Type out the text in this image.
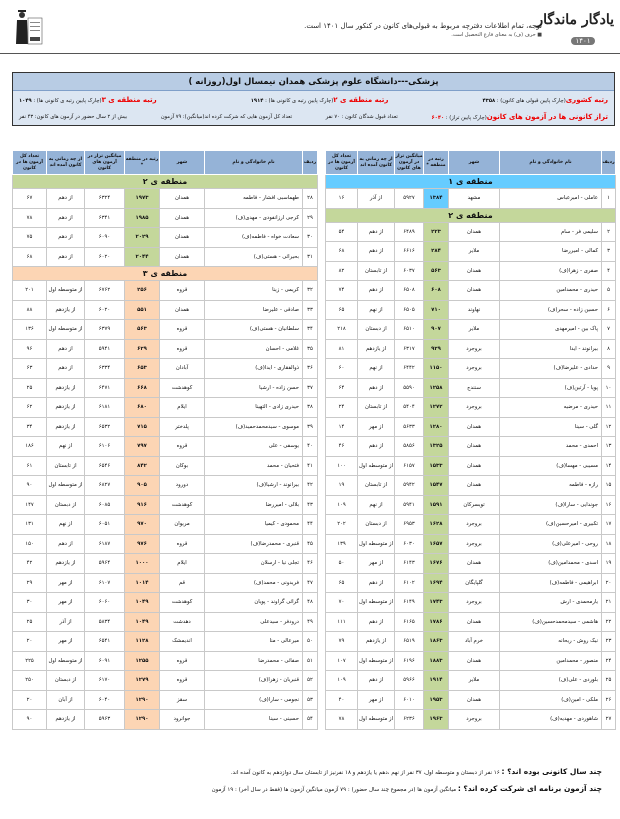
یادگار ماندگار
۱۴۰۱
توجه، تمام اطلاعات دفترچه مربوط به قبولی‌های کانون در کنکور سال ۱۴۰۱ است.
■ حرف (ف) به معنای فارغ التحصیل است.
پزشکی---دانشگاه علوم پزشکی همدان نیمسال اول(روزانه )
رتبه کشوری(چارک پایین قبولی های کانون) : ۴۳۵۸
رتبه منطقه ی ۲(چارک پایین رتبه ی کانونی ها) : ۱۹۱۴
رتبه منطقه ی ۳(چارک پایین رتبه ی کانونی ها) : ۱۰۴۹
تراز کانونی ها در آزمون های کانون(چارک پایین تراز) : ۶۰۴۰
تعداد قبول شدگان کانون : ۷۰ نفر
تعداد کل آزمون هایی که شرکت کرده اند(میانگین): ۷۹ آزمون
بیش از ۲ سال حضور در آزمون های کانون: ۴۳ نفر
ردیف	نام خانوادگی و نام	شهر	رتبه در منطقه *	میانگین تراز در آزمون های کانون	از چه زمانی به کانون آمده اند	تعداد کل آزمون ها در کانون
منطقه ی ۱						
۱	عاملی - امیرعباس	مشهد	۱۳۸۴	۵۹۲۷	از آذر	۱۶
منطقه ی ۲						
۲	سلیمی فر - سام	همدان	۲۲۳	۶۴۸۹	از دهم	۵۴
۳	کمالی - امیررضا	ملایر	۲۸۴	۶۶۱۶	از دهم	۶۸
۴	صفری - زهرا(ف)	همدان	۵۶۳	۶۰۳۷	از تابستان	۸۲
۵	حیدری - محمدامین	همدان	۶۰۸	۶۵۰۸	از دهم	۷۴
۶	حسین زاده - سحر(ف)	نهاوند	۷۱۰	۶۵۰۵	از نهم	۶۵
۷	پاک بین - امیرمهدی	ملایر	۹۰۷	۶۵۱۰	از دبستان	۲۱۸
۸	بیرانوند - ایدا	بروجرد	۹۲۹	۶۳۱۷	از یازدهم	۸۱
۹	حدادی - علیرضا(ف)	بروجرد	۱۱۵۰	۶۴۴۲	از نهم	۶۰
۱۰	پویا - آرتین(ف)	سنندج	۱۲۵۸	۵۵۹۰	از دهم	۶۴
۱۱	حیدری - مرضیه	بروجرد	۱۲۷۲	۵۴۰۴	از تابستان	۲۴
۱۲	گلی - سینا	همدان	۱۲۸۰	۵۶۳۳	از مهر	۱۴
۱۳	احمدی - محمد	همدان	۱۳۲۵	۵۸۵۶	از دهم	۴۶
۱۴	مسیبی - مهسا(ف)	همدان	۱۵۳۳	۶۱۵۷	از متوسطه اول	۱۰۰
۱۵	رازه - فاطمه	همدان	۱۵۴۷	۵۹۴۲	از تابستان	۱۹
۱۶	جوندایی - سارا(ف)	تویسرکان	۱۵۹۱	۵۹۴۱	از نهم	۱۰۹
۱۷	تکبیری - امیرحسین(ف)	بروجرد	۱۶۲۸	۶۹۵۳	از دبستان	۲۰۲
۱۸	روحی - امیرعلی(ف)	بروجرد	۱۶۵۷	۶۰۳۰	از متوسطه اول	۱۳۹
۱۹	اسدی - محمدامین(ف)	همدان	۱۶۷۶	۶۱۴۳	از مهر	۵۰
۲۰	ابراهیمی - فاطمه(ف)	گلپایگان	۱۶۹۴	۶۱۰۲	از دهم	۶۵
۲۱	یارمحمدی - ارش	بروجرد	۱۷۴۳	۶۱۴۹	از متوسطه اول	۷۰
۲۲	هاشمی - سیدمحمدحسین(ف)	همدان	۱۷۸۶	۶۱۶۵	از دهم	۱۱۱
۲۳	نیک روش - ریحانه	خرم آباد	۱۸۶۳	۶۵۱۹	از یازدهم	۷۹
۲۴	منصور - محمدامین	همدان	۱۸۸۳	۶۱۹۶	از متوسطه اول	۱۰۷
۲۵	بلوردی - علی(ف)	ملایر	۱۹۱۴	۵۹۶۶	از دهم	۱۰۹
۲۶	ملکی - امین(ف)	همدان	۱۹۵۳	۶۰۱۰	از مهر	۴۰
۲۷	شاهوردی - مهدیه(ف)	بروجرد	۱۹۶۳	۶۲۳۶	از متوسطه اول	۷۸
ردیف	نام خانوادگی و نام	شهر	رتبه در منطقه *	میانگین تراز در آزمون های کانون	از چه زمانی به کانون آمده اند	تعداد کل آزمون ها در کانون
منطقه ی ۲						
۲۸	طهماسبی افشار - فاطمه	همدان	۱۹۷۳	۶۳۲۴	از دهم	۶۷
۲۹	کرجی ارزانفودی - مهدی(ف)	همدان	۱۹۸۵	۶۳۴۱	از دهم	۷۸
۳۰	سعادت خواه - فاطمه(ف)	همدان	۲۰۲۹	۶۰۹۰	از دهم	۷۵
۳۱	بحیرائی - هستی(ف)	همدان	۲۰۴۴	۶۰۲۰	از دهم	۶۸
منطقه ی ۳						
۳۲	کریمی - زینا	قروه	۲۵۶	۶۷۶۲	از متوسطه اول	۲۰۱
۳۳	صادقی - علیرضا	همدان	۵۵۱	۶۰۲۰	از یازدهم	۸۸
۳۴	سلطانیان - هستی(ف)	قروه	۵۶۳	۶۳۷۹	از متوسطه اول	۱۳۶
۳۵	غلامی - احسان	قروه	۶۲۹	۵۹۴۱	از دهم	۹۶
۳۶	ذوالفقاری - ایدا(ف)	آبادان	۶۵۳	۶۳۳۴	از دهم	۶۳
۳۷	حسن زاده - ارشیا	کوهدشت	۶۶۸	۶۴۷۱	از یازدهم	۲۵
۳۸	حیدری زادی - التهینا	ایلام	۶۸۰	۶۱۸۱	از یازدهم	۶۲
۳۹	موسوی - سیدمحمدحمید(ف)	پلدختر	۷۱۵	۶۵۳۲	از یازدهم	۳۴
۴۰	یوسفی - علی	قروه	۷۹۷	۶۱۰۶	از نهم	۱۸۶
۴۱	فتحیان - محمد	بوکان	۸۴۲	۶۵۴۶	از تابستان	۶۱
۴۲	بیرانوند - ارشیا(ف)	دورود	۹۰۵	۶۸۲۷	از متوسطه اول	۹۰
۴۳	بلالی - امیررضا	کوهدشت	۹۱۶	۶۰۸۵	از دبستان	۱۴۷
۴۴	محمودی - کیمیا	مریوان	۹۷۰	۶۰۵۱	از نهم	۱۳۱
۴۵	قنبری - محمدرضا(ف)	قروه	۹۷۶	۶۱۸۷	از دهم	۱۵۰
۴۶	تجلی نیا - ارسلان	ایلام	۱۰۰۰	۵۹۶۴	از یازدهم	۴۲
۴۷	فریدونی - محمد(ف)	قم	۱۰۱۴	۶۱۰۷	از مهر	۲۹
۴۸	گرائی گراوند - پویان	کوهدشت	۱۰۴۹	۶۰۶۰	از مهر	۳۰
۴۹	درودفر - سیدعلی	دهدشت	۱۰۴۹	۵۸۳۴	از آذر	۲۵
۵۰	میرعالی - منا	اندیمشک	۱۱۲۸	۶۵۴۱	از مهر	۲۰
۵۱	صفائی - محمدرضا	قروه	۱۲۵۵	۶۰۹۱	از متوسطه اول	۲۲۵
۵۲	قنبریان - زهرا(ف)	قروه	۱۲۷۹	۶۱۷۰	از دبستان	۲۵۰
۵۳	نجومی - سارا(ف)	سقز	۱۲۹۰	۶۰۴۰	از آبان	۲۰
۵۴	حسینی - سینا	جوانرود	۱۲۹۰	۵۹۶۳	از یازدهم	۹۰
چند سال کانونی بوده اند؟ : ۱۶ نفر از دبستان و متوسطه اول، ۳۷ نفر از نهم ،دهم یا یازدهم و ۱۸ نفرنیز از تابستان سال دوازدهم به کانون آمده اند.
چند آزمون برنامه ای شرکت کرده اند؟ : میانگین آزمون ها (در مجموع چند سال حضور) : ۷۹ آزمون میانگین آزمون ها (فقط در سال آخر) : ۱۹ آزمون
